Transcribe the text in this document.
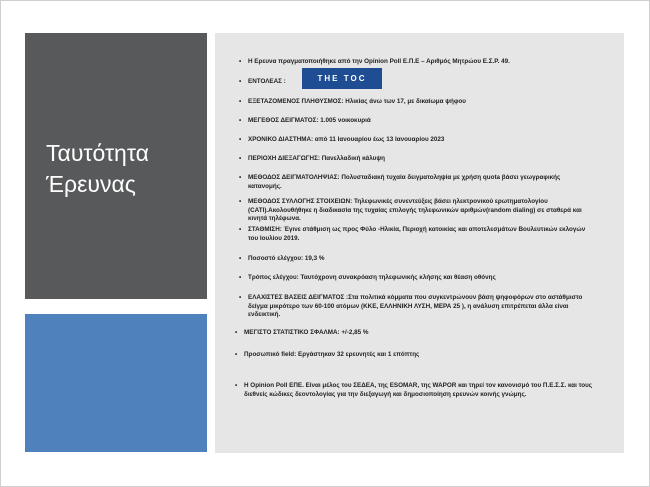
Ταυτότητα
Έρευνας
THE TOC
• Η Ερευνα πραγματοποιήθηκε από την Opinion Poll Ε.Π.Ε – Αριθμός Μητρώου Ε.Σ.Ρ. 49.
• ΕΝΤΟΛΕΑΣ :
• ΕΞΕΤΑΖΟΜΕΝΟΣ ΠΛΗΘΥΣΜΟΣ: Ηλικίας άνω των 17, με δικαίωμα ψήφου
• ΜΕΓΕΘΟΣ ΔΕΙΓΜΑΤΟΣ: 1.005 νοικοκυριά
• ΧΡΟΝΙΚΟ ΔΙΑΣΤΗΜΑ: από 11 Ιανουαρίου έως 13 Ιανουαρίου 2023
• ΠΕΡΙΟΧΗ ΔΙΕΞΑΓΩΓΗΣ: Πανελλαδική κάλυψη
• ΜΕΘΟΔΟΣ ΔΕΙΓΜΑΤΟΛΗΨΙΑΣ: Πολυσταδιακή τυχαία δειγματοληψία με χρήση quota βάσει γεωγραφικής κατανομής.
• ΜΕΘΟΔΟΣ ΣΥΛΛΟΓΗΣ ΣΤΟΙΧΕΙΩΝ: Τηλεφωνικές συνεντεύξεις βάσει ηλεκτρονικού ερωτηματολογίου (CATI).Ακολουθήθηκε η διαδικασία της τυχαίας επιλογής τηλεφωνικών αριθμών(random dialing) σε σταθερά και κινητά τηλέφωνα.
• ΣΤΑΘΜΙΣΗ: Έγινε στάθμιση ως προς Φύλο -Ηλικία, Περιοχή κατοικίας και αποτελεσμάτων Βουλευτικών εκλογών του Ιουλίου 2019.
• Ποσοστό ελέγχου: 19,3 %
• Τρόπος ελέγχου: Ταυτόχρονη συνακρόαση τηλεφωνικής κλήσης και θέαση οθόνης
• ΕΛΑΧΙΣΤΕΣ ΒΑΣΕΙΣ ΔΕΙΓΜΑΤΟΣ :Στα πολιτικά κόμματα που συγκεντρώνουν βάση ψηφοφόρων στο αστάθμιστο δείγμα μικρότερο των 60-100 ατόμων (ΚΚΕ, ΕΛΛΗΝΙΚΗ ΛΥΣΗ, ΜΕΡΑ 25 ), η ανάλυση επιτρέπεται άλλα είναι ενδεικτική.
• ΜΕΓΙΣΤΟ ΣΤΑΤΙΣΤΙΚΟ ΣΦΑΛΜΑ: +/-2,85 %
• Προσωπικό field: Εργάστηκαν 32 ερευνητές και 1 επόπτης
• Η Opinion Poll ΕΠΕ. Είναι μέλος του ΣΕΔΕΑ, της ESOMAR, της WAPOR και τηρεί τον κανονισμό του Π.Ε.Σ.Σ. και τους διεθνείς κώδικες δεοντολογίας για την διεξαγωγή και δημοσιοποίηση ερευνών κοινής γνώμης.
